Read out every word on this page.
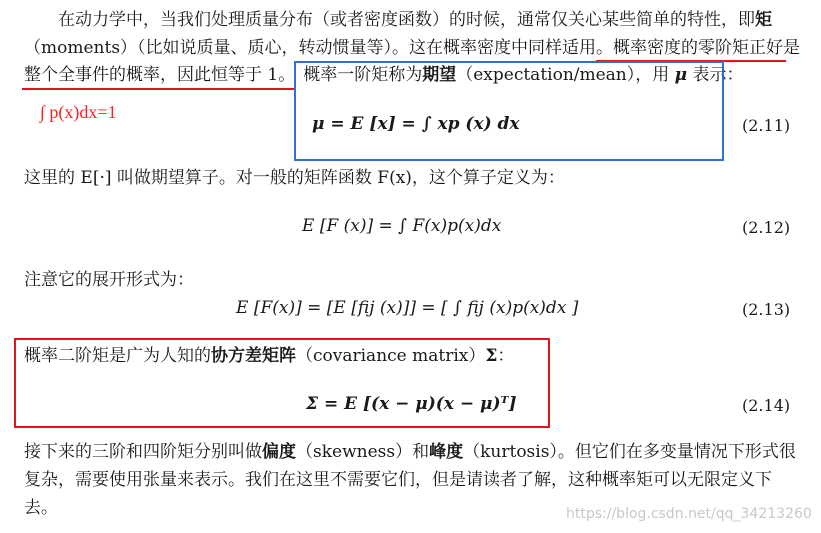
在动力学中，当我们处理质量分布（或者密度函数）的时候，通常仅关心某些简单的特性，即矩
（moments）（比如说质量、质心，转动惯量等）。这在概率密度中同样适用。概率密度的零阶矩正好是
整个全事件的概率，因此恒等于 1。 概率一阶矩称为期望（expectation/mean），用 μ 表示：
∫ p(x)dx=1
μ = E [x] = ∫ xp (x) dx	(2.11)
这里的 E[·] 叫做期望算子。对一般的矩阵函数 F(x)，这个算子定义为：
E [F (x)] = ∫ F(x)p(x)dx	(2.12)
注意它的展开形式为：
E [F(x)] = [E [fij (x)]] = [ ∫ fij (x)p(x)dx ]	(2.13)
概率二阶矩是广为人知的协方差矩阵（covariance matrix）Σ：
Σ = E [(x − μ)(x − μ)ᵀ]	(2.14)
接下来的三阶和四阶矩分别叫做偏度（skewness）和峰度（kurtosis）。但它们在多变量情况下形式很
复杂，需要使用张量来表示。我们在这里不需要它们，但是请读者了解，这种概率矩可以无限定义下
去。	https://blog.csdn.net/qq_34213260
